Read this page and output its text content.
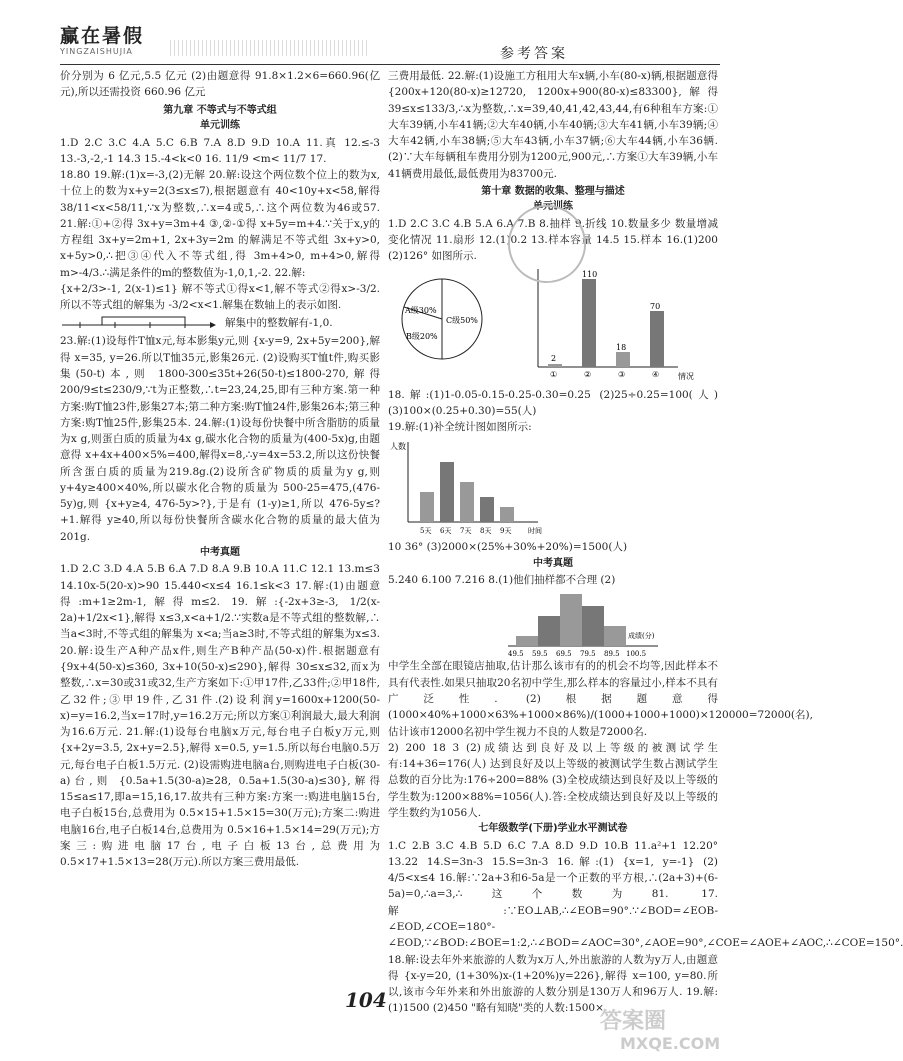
赢在暑假
YINGZAISHUJIA	参考答案

价分别为 6 亿元,5.5 亿元 (2)由题意得 91.8×1.2×6=660.96(亿元),所以还需投资 660.96 亿元

第九章 不等式与不等式组
单元训练

1.D 2.C 3.C 4.A 5.C 6.B 7.A 8.D 9.D 10.A 11.真 12.≤-3 13.-3,-2,-1 14.3 15.-4<k<0 16. 11/9 <m< 11/7 17.

18.80 19.解:(1)x=-3,(2)无解 20.解:设这个两位数个位上的数为x,十位上的数为x+y=2(3≤x≤7),根据题意有 40<10y+x<58,解得 38/11<x<58/11,∵x为整数,∴x=4或5,∴这个两位数为46或57. 21.解:①+②得 3x+y=3m+4 ③,②-①得 x+5y=m+4.∵关于x,y的方程组 3x+y=2m+1, 2x+3y=2m 的解满足不等式组 3x+y>0, x+5y>0,∴把③④代入不等式组,得 3m+4>0, m+4>0,解得 m>-4/3.∴满足条件的m的整数值为-1,0,1,-2. 22.解:

{x+2/3>-1, 2(x-1)≤1} 解不等式①得x<1,解不等式②得x>-3/2.所以不等式组的解集为 -3/2<x<1.解集在数轴上的表示如图.

解集中的整数解有-1,0.

23.解:(1)设每件T恤x元,每本影集y元,则 {x-y=9, 2x+5y=200},解得 x=35, y=26.所以T恤35元,影集26元. (2)设购买T恤t件,购买影集(50-t)本,则 1800-300≤35t+26(50-t)≤1800-270,解得 200/9≤t≤230/9,∵t为正整数,∴t=23,24,25,即有三种方案.第一种方案:购T恤23件,影集27本;第二种方案:购T恤24件,影集26本;第三种方案:购T恤25件,影集25本. 24.解:(1)设每份快餐中所含脂肪的质量为x g,则蛋白质的质量为4x g,碳水化合物的质量为(400-5x)g,由题意得 x+4x+400×5%=400,解得x=8,∴y=4x=53.2,所以这份快餐所含蛋白质的质量为219.8g.(2)设所含矿物质的质量为y g,则y+4y≥400×40%,所以碳水化合物的质量为 500-25=475,(476-5y)g,则 {x+y≥4, 476-5y>?},于是有 (1-y)≥1,所以 476-5y≤?+1.解得 y≥40,所以每份快餐所含碳水化合物的质量的最大值为 201g.

中考真题

1.D 2.C 3.D 4.A 5.B 6.A 7.D 8.A 9.B 10.A 11.C 12.1 13.m≤3 14.10x-5(20-x)>90 15.440<x≤4 16.1≤k<3 17.解:(1)由题意得:m+1≥2m-1,解得m≤2. 19.解:{-2x+3≥-3, 1/2(x-2a)+1/2x<1},解得 x≤3,x<a+1/2.∵实数a是不等式组的整数解,∴当a<3时,不等式组的解集为 x<a;当a≥3时,不等式组的解集为x≤3. 20.解:设生产A种产品x件,则生产B种产品(50-x)件.根据题意有 {9x+4(50-x)≤360, 3x+10(50-x)≤290},解得 30≤x≤32,而x为整数,∴x=30或31或32,生产方案如下:①甲17件,乙33件;②甲18件,乙32件;③甲19件,乙31件.(2)设利润y=1600x+1200(50-x)=y=16.2,当x=17时,y=16.2万元;所以方案①利润最大,最大利润为16.6万元. 21.解:(1)设每台电脑x万元,每台电子白板y万元,则 {x+2y=3.5, 2x+y=2.5},解得 x=0.5, y=1.5.所以每台电脑0.5万元,每台电子白板1.5万元. (2)设需购进电脑a台,则购进电子白板(30-a)台,则 {0.5a+1.5(30-a)≥28, 0.5a+1.5(30-a)≤30},解得 15≤a≤17,即a=15,16,17.故共有三种方案:方案一:购进电脑15台,电子白板15台,总费用为 0.5×15+1.5×15=30(万元);方案二:购进电脑16台,电子白板14台,总费用为 0.5×16+1.5×14=29(万元);方案三:购进电脑17台,电子白板13台,总费用为 0.5×17+1.5×13=28(万元).所以方案三费用最低.

三费用最低. 22.解:(1)设施工方租用大车x辆,小车(80-x)辆,根据题意得 {200x+120(80-x)≥12720, 1200x+900(80-x)≤83300},解得 39≤x≤133/3,∴x为整数,∴x=39,40,41,42,43,44,有6种租车方案:①大车39辆,小车41辆;②大车40辆,小车40辆;③大车41辆,小车39辆;④大车42辆,小车38辆;⑤大车43辆,小车37辆;⑥大车44辆,小车36辆. (2)∵大车每辆租车费用分别为1200元,900元,∴方案①大车39辆,小车41辆费用最低,最低费用为83700元.

第十章 数据的收集、整理与描述
单元训练

1.D 2.C 3.C 4.B 5.A 6.A 7.B 8.抽样 9.折线 10.数量多少 数量增减变化情况 11.扇形 12.(1)0.2 13.样本容量 14.5 15.样本 16.(1)200 (2)126° 如图所示.

A级30%
B级20%
C级50%
2
110
18
70
①	②	③	④ 情况

18.解:(1)1-0.05-0.15-0.25-0.30=0.25 (2)25÷0.25=100(人) (3)100×(0.25+0.30)=55(人)

19.解:(1)补全统计图如图所示:

人数
5天 6天 7天 8天 9天 时间

10 36° (3)2000×(25%+30%+20%)=1500(人)

中考真题

5.240 6.100 7.216 8.(1)他们抽样都不合理 (2)

49.5 59.5 69.5 79.5 89.5 100.5
成绩(分)

中学生全部在眼镜店抽取,估计那么该市有的的机会不均等,因此样本不具有代表性.如果只抽取20名初中学生,那么样本的容量过小,样本不具有广泛性. (2)根据题意得 (1000×40%+1000×63%+1000×86%)/(1000+1000+1000)×120000=72000(名),估计该市12000名初中学生视力不良的人数是72000名.

2) 200 18 3 (2)成绩达到良好及以上等级的被测试学生有:14+36=176(人) 达到良好及以上等级的被测试学生数占测试学生总数的百分比为:176÷200=88% (3)全校成绩达到良好及以上等级的学生数为:1200×88%=1056(人).答:全校成绩达到良好及以上等级的学生数约为1056人.

七年级数学(下册)学业水平测试卷

1.C 2.B 3.C 4.B 5.D 6.C 7.A 8.D 9.D 10.B 11.a²+1 12.20° 13.22 14.S=3n-3 15.S=3n-3 16.解:(1) {x=1, y=-1} (2) 4/5<x≤4 16.解:∵2a+3和6-5a是一个正数的平方根,∴(2a+3)+(6-5a)=0,∴a=3,∴这个数为81. 17.解:∵EO⊥AB,∴∠EOB=90°.∵∠BOD=∠EOB-∠EOD,∠COE=180°-∠EOD,∵∠BOD:∠BOE=1:2,∴∠BOD=∠AOC=30°,∠AOE=90°,∠COE=∠AOE+∠AOC,∴∠COE=150°. 18.解:设去年外来旅游的人数为x万人,外出旅游的人数为y万人,由题意得 {x-y=20, (1+30%)x-(1+20%)y=226},解得 x=100, y=80.所以,该市今年外来和外出旅游的人数分别是130万人和96万人. 19.解:(1)1500 (2)450 "略有知晓"类的人数:1500×

104
答案圈
MXQE.COM
